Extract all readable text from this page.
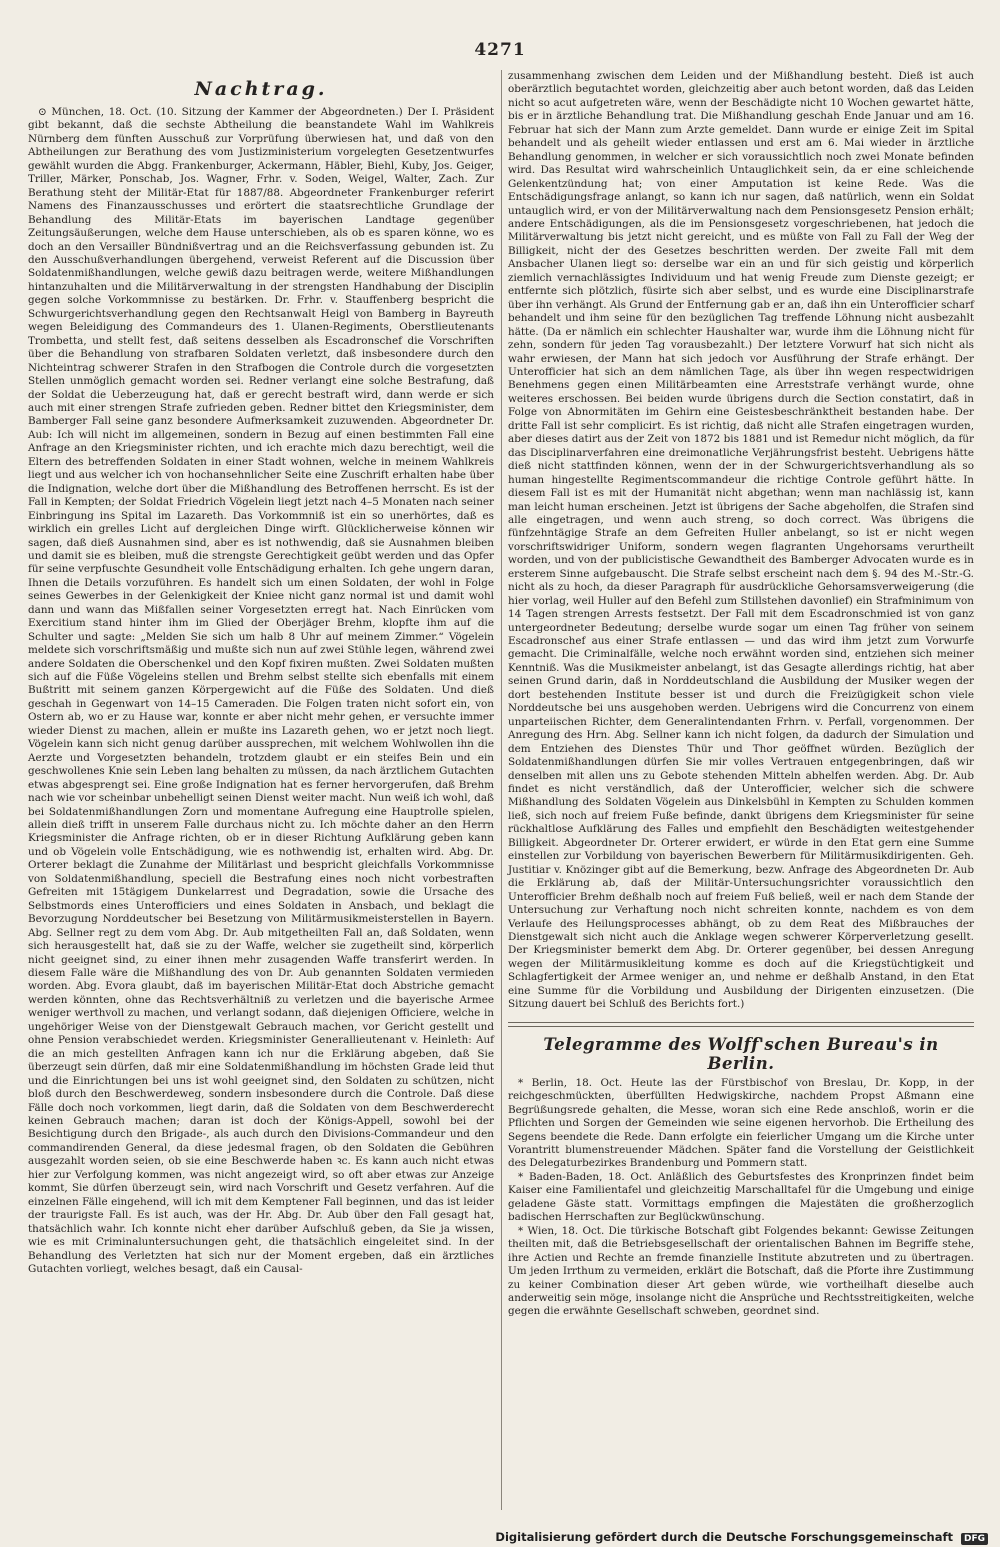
4271
Nachtrag.

⊙ München, 18. Oct. (10. Sitzung der Kammer der Abgeordneten.) Der I. Präsident gibt bekannt, daß die sechste Abtheilung die beanstandete Wahl im Wahlkreis Nürnberg dem fünften Ausschuß zur Vorprüfung überwiesen hat, und daß von den Abtheilungen zur Berathung des vom Justizministerium vorgelegten Gesetzentwurfes gewählt wurden die Abgg. Frankenburger, Ackermann, Häbler, Biehl, Kuby, Jos. Geiger, Triller, Märker, Ponschab, Jos. Wagner, Frhr. v. Soden, Weigel, Walter, Zach. Zur Berathung steht der Militär-Etat für 1887/88. Abgeordneter Frankenburger referirt Namens des Finanzausschusses und erörtert die staatsrechtliche Grundlage der Behandlung des Militär-Etats im bayerischen Landtage gegenüber Zeitungsäußerungen, welche dem Hause unterschieben, als ob es sparen könne, wo es doch an den Versailler Bündnißvertrag und an die Reichsverfassung gebunden ist. Zu den Ausschußverhandlungen übergehend, verweist Referent auf die Discussion über Soldatenmißhandlungen, welche gewiß dazu beitragen werde, weitere Mißhandlungen hintanzuhalten und die Militärverwaltung in der strengsten Handhabung der Disciplin gegen solche Vorkommnisse zu bestärken. Dr. Frhr. v. Stauffenberg bespricht die Schwurgerichtsverhandlung gegen den Rechtsanwalt Heigl von Bamberg in Bayreuth wegen Beleidigung des Commandeurs des 1. Ulanen-Regiments, Oberstlieutenants Trombetta, und stellt fest, daß seitens desselben als Escadronschef die Vorschriften über die Behandlung von strafbaren Soldaten verletzt, daß insbesondere durch den Nichteintrag schwerer Strafen in den Strafbogen die Controle durch die vorgesetzten Stellen unmöglich gemacht worden sei. Redner verlangt eine solche Bestrafung, daß der Soldat die Ueberzeugung hat, daß er gerecht bestraft wird, dann werde er sich auch mit einer strengen Strafe zufrieden geben. Redner bittet den Kriegsminister, dem Bamberger Fall seine ganz besondere Aufmerksamkeit zuzuwenden. Abgeordneter Dr. Aub: Ich will nicht im allgemeinen, sondern in Bezug auf einen bestimmten Fall eine Anfrage an den Kriegsminister richten, und ich erachte mich dazu berechtigt, weil die Eltern des betreffenden Soldaten in einer Stadt wohnen, welche in meinem Wahlkreis liegt und aus welcher ich von hochansehnlicher Seite eine Zuschrift erhalten habe über die Indignation, welche dort über die Mißhandlung des Betroffenen herrscht. Es ist der Fall in Kempten; der Soldat Friedrich Vögelein liegt jetzt nach 4–5 Monaten nach seiner Einbringung ins Spital im Lazareth. Das Vorkommniß ist ein so unerhörtes, daß es wirklich ein grelles Licht auf dergleichen Dinge wirft. Glücklicherweise können wir sagen, daß dieß Ausnahmen sind, aber es ist nothwendig, daß sie Ausnahmen bleiben und damit sie es bleiben, muß die strengste Gerechtigkeit geübt werden und das Opfer für seine verpfuschte Gesundheit volle Entschädigung erhalten. Ich gehe ungern daran, Ihnen die Details vorzuführen. Es handelt sich um einen Soldaten, der wohl in Folge seines Gewerbes in der Gelenkigkeit der Kniee nicht ganz normal ist und damit wohl dann und wann das Mißfallen seiner Vorgesetzten erregt hat. Nach Einrücken vom Exercitium stand hinter ihm im Glied der Oberjäger Brehm, klopfte ihm auf die Schulter und sagte: „Melden Sie sich um halb 8 Uhr auf meinem Zimmer.“ Vögelein meldete sich vorschriftsmäßig und mußte sich nun auf zwei Stühle legen, während zwei andere Soldaten die Oberschenkel und den Kopf fixiren mußten. Zwei Soldaten mußten sich auf die Füße Vögeleins stellen und Brehm selbst stellte sich ebenfalls mit einem Bußtritt mit seinem ganzen Körpergewicht auf die Füße des Soldaten. Und dieß geschah in Gegenwart von 14–15 Cameraden. Die Folgen traten nicht sofort ein, von Ostern ab, wo er zu Hause war, konnte er aber nicht mehr gehen, er versuchte immer wieder Dienst zu machen, allein er mußte ins Lazareth gehen, wo er jetzt noch liegt. Vögelein kann sich nicht genug darüber aussprechen, mit welchem Wohlwollen ihn die Aerzte und Vorgesetzten behandeln, trotzdem glaubt er ein steifes Bein und ein geschwollenes Knie sein Leben lang behalten zu müssen, da nach ärztlichem Gutachten etwas abgesprengt sei. Eine große Indignation hat es ferner hervorgerufen, daß Brehm nach wie vor scheinbar unbehelligt seinen Dienst weiter macht. Nun weiß ich wohl, daß bei Soldatenmißhandlungen Zorn und momentane Aufregung eine Hauptrolle spielen, allein dieß trifft in unserem Falle durchaus nicht zu. Ich möchte daher an den Herrn Kriegsminister die Anfrage richten, ob er in dieser Richtung Aufklärung geben kann und ob Vögelein volle Entschädigung, wie es nothwendig ist, erhalten wird. Abg. Dr. Orterer beklagt die Zunahme der Militärlast und bespricht gleichfalls Vorkommnisse von Soldatenmißhandlung, speciell die Bestrafung eines noch nicht vorbestraften Gefreiten mit 15tägigem Dunkelarrest und Degradation, sowie die Ursache des Selbstmords eines Unterofficiers und eines Soldaten in Ansbach, und beklagt die Bevorzugung Norddeutscher bei Besetzung von Militärmusikmeisterstellen in Bayern. Abg. Sellner regt zu dem vom Abg. Dr. Aub mitgetheilten Fall an, daß Soldaten, wenn sich herausgestellt hat, daß sie zu der Waffe, welcher sie zugetheilt sind, körperlich nicht geeignet sind, zu einer ihnen mehr zusagenden Waffe transferirt werden. In diesem Falle wäre die Mißhandlung des von Dr. Aub genannten Soldaten vermieden worden. Abg. Evora glaubt, daß im bayerischen Militär-Etat doch Abstriche gemacht werden könnten, ohne das Rechtsverhältniß zu verletzen und die bayerische Armee weniger werthvoll zu machen, und verlangt sodann, daß diejenigen Officiere, welche in ungehöriger Weise von der Dienstgewalt Gebrauch machen, vor Gericht gestellt und ohne Pension verabschiedet werden. Kriegsminister Generallieutenant v. Heinleth: Auf die an mich gestellten Anfragen kann ich nur die Erklärung abgeben, daß Sie überzeugt sein dürfen, daß mir eine Soldatenmißhandlung im höchsten Grade leid thut und die Einrichtungen bei uns ist wohl geeignet sind, den Soldaten zu schützen, nicht bloß durch den Beschwerdeweg, sondern insbesondere durch die Controle. Daß diese Fälle doch noch vorkommen, liegt darin, daß die Soldaten von dem Beschwerderecht keinen Gebrauch machen; daran ist doch der Königs-Appell, sowohl bei der Besichtigung durch den Brigade-, als auch durch den Divisions-Commandeur und den commandirenden General, da diese jedesmal fragen, ob den Soldaten die Gebühren ausgezahlt worden seien, ob sie eine Beschwerde haben ꝛc. Es kann auch nicht etwas hier zur Verfolgung kommen, was nicht angezeigt wird, so oft aber etwas zur Anzeige kommt, Sie dürfen überzeugt sein, wird nach Vorschrift und Gesetz verfahren. Auf die einzelnen Fälle eingehend, will ich mit dem Kemptener Fall beginnen, und das ist leider der traurigste Fall. Es ist auch, was der Hr. Abg. Dr. Aub über den Fall gesagt hat, thatsächlich wahr. Ich konnte nicht eher darüber Aufschluß geben, da Sie ja wissen, wie es mit Criminaluntersuchungen geht, die thatsächlich eingeleitet sind. In der Behandlung des Verletzten hat sich nur der Moment ergeben, daß ein ärztliches Gutachten vorliegt, welches besagt, daß ein Causal-

zusammenhang zwischen dem Leiden und der Mißhandlung besteht. Dieß ist auch oberärztlich begutachtet worden, gleichzeitig aber auch betont worden, daß das Leiden nicht so acut aufgetreten wäre, wenn der Beschädigte nicht 10 Wochen gewartet hätte, bis er in ärztliche Behandlung trat. Die Mißhandlung geschah Ende Januar und am 16. Februar hat sich der Mann zum Arzte gemeldet. Dann wurde er einige Zeit im Spital behandelt und als geheilt wieder entlassen und erst am 6. Mai wieder in ärztliche Behandlung genommen, in welcher er sich voraussichtlich noch zwei Monate befinden wird. Das Resultat wird wahrscheinlich Untauglichkeit sein, da er eine schleichende Gelenkentzündung hat; von einer Amputation ist keine Rede. Was die Entschädigungsfrage anlangt, so kann ich nur sagen, daß natürlich, wenn ein Soldat untauglich wird, er von der Militärverwaltung nach dem Pensionsgesetz Pension erhält; andere Entschädigungen, als die im Pensionsgesetz vorgeschriebenen, hat jedoch die Militärverwaltung bis jetzt nicht gereicht, und es müßte von Fall zu Fall der Weg der Billigkeit, nicht der des Gesetzes beschritten werden. Der zweite Fall mit dem Ansbacher Ulanen liegt so: derselbe war ein an und für sich geistig und körperlich ziemlich vernachlässigtes Individuum und hat wenig Freude zum Dienste gezeigt; er entfernte sich plötzlich, füsirte sich aber selbst, und es wurde eine Disciplinarstrafe über ihn verhängt. Als Grund der Entfernung gab er an, daß ihn ein Unterofficier scharf behandelt und ihm seine für den bezüglichen Tag treffende Löhnung nicht ausbezahlt hätte. (Da er nämlich ein schlechter Haushalter war, wurde ihm die Löhnung nicht für zehn, sondern für jeden Tag vorausbezahlt.) Der letztere Vorwurf hat sich nicht als wahr erwiesen, der Mann hat sich jedoch vor Ausführung der Strafe erhängt. Der Unterofficier hat sich an dem nämlichen Tage, als über ihn wegen respectwidrigen Benehmens gegen einen Militärbeamten eine Arreststrafe verhängt wurde, ohne weiteres erschossen. Bei beiden wurde übrigens durch die Section constatirt, daß in Folge von Abnormitäten im Gehirn eine Geistesbeschränktheit bestanden habe. Der dritte Fall ist sehr complicirt. Es ist richtig, daß nicht alle Strafen eingetragen wurden, aber dieses datirt aus der Zeit von 1872 bis 1881 und ist Remedur nicht möglich, da für das Disciplinarverfahren eine dreimonatliche Verjährungsfrist besteht. Uebrigens hätte dieß nicht stattfinden können, wenn der in der Schwurgerichtsverhandlung als so human hingestellte Regimentscommandeur die richtige Controle geführt hätte. In diesem Fall ist es mit der Humanität nicht abgethan; wenn man nachlässig ist, kann man leicht human erscheinen. Jetzt ist übrigens der Sache abgeholfen, die Strafen sind alle eingetragen, und wenn auch streng, so doch correct. Was übrigens die fünfzehntägige Strafe an dem Gefreiten Huller anbelangt, so ist er nicht wegen vorschriftswidriger Uniform, sondern wegen flagranten Ungehorsams verurtheilt worden, und von der publicistische Gewandtheit des Bamberger Advocaten wurde es in ersterem Sinne aufgebauscht. Die Strafe selbst erscheint nach dem §. 94 des M.-Str.-G. nicht als zu hoch, da dieser Paragraph für ausdrückliche Gehorsamsverweigerung (die hier vorlag, weil Huller auf den Befehl zum Stillstehen davonlief) ein Strafminimum von 14 Tagen strengen Arrests festsetzt. Der Fall mit dem Escadronschmied ist von ganz untergeordneter Bedeutung; derselbe wurde sogar um einen Tag früher von seinem Escadronschef aus einer Strafe entlassen — und das wird ihm jetzt zum Vorwurfe gemacht. Die Criminalfälle, welche noch erwähnt worden sind, entziehen sich meiner Kenntniß. Was die Musikmeister anbelangt, ist das Gesagte allerdings richtig, hat aber seinen Grund darin, daß in Norddeutschland die Ausbildung der Musiker wegen der dort bestehenden Institute besser ist und durch die Freizügigkeit schon viele Norddeutsche bei uns ausgehoben werden. Uebrigens wird die Concurrenz von einem unparteiischen Richter, dem Generalintendanten Frhrn. v. Perfall, vorgenommen. Der Anregung des Hrn. Abg. Sellner kann ich nicht folgen, da dadurch der Simulation und dem Entziehen des Dienstes Thür und Thor geöffnet würden. Bezüglich der Soldatenmißhandlungen dürfen Sie mir volles Vertrauen entgegenbringen, daß wir denselben mit allen uns zu Gebote stehenden Mitteln abhelfen werden. Abg. Dr. Aub findet es nicht verständlich, daß der Unterofficier, welcher sich die schwere Mißhandlung des Soldaten Vögelein aus Dinkelsbühl in Kempten zu Schulden kommen ließ, sich noch auf freiem Fuße befinde, dankt übrigens dem Kriegsminister für seine rückhaltlose Aufklärung des Falles und empfiehlt den Beschädigten weitestgehender Billigkeit. Abgeordneter Dr. Orterer erwidert, er würde in den Etat gern eine Summe einstellen zur Vorbildung von bayerischen Bewerbern für Militärmusikdirigenten. Geh. Justitiar v. Knözinger gibt auf die Bemerkung, bezw. Anfrage des Abgeordneten Dr. Aub die Erklärung ab, daß der Militär-Untersuchungsrichter voraussichtlich den Unterofficier Brehm deßhalb noch auf freiem Fuß beließ, weil er nach dem Stande der Untersuchung zur Verhaftung noch nicht schreiten konnte, nachdem es von dem Verlaufe des Heilungsprocesses abhängt, ob zu dem Reat des Mißbrauches der Dienstgewalt sich nicht auch die Anklage wegen schwerer Körperverletzung gesellt. Der Kriegsminister bemerkt dem Abg. Dr. Orterer gegenüber, bei dessen Anregung wegen der Militärmusikleitung komme es doch auf die Kriegstüchtigkeit und Schlagfertigkeit der Armee weniger an, und nehme er deßhalb Anstand, in den Etat eine Summe für die Vorbildung und Ausbildung der Dirigenten einzusetzen. (Die Sitzung dauert bei Schluß des Berichts fort.)

Telegramme des Wolff'schen Bureau's in Berlin.

* Berlin, 18. Oct. Heute las der Fürstbischof von Breslau, Dr. Kopp, in der reichgeschmückten, überfüllten Hedwigskirche, nachdem Propst Aßmann eine Begrüßungsrede gehalten, die Messe, woran sich eine Rede anschloß, worin er die Pflichten und Sorgen der Gemeinden wie seine eigenen hervorhob. Die Ertheilung des Segens beendete die Rede. Dann erfolgte ein feierlicher Umgang um die Kirche unter Vorantritt blumenstreuender Mädchen. Später fand die Vorstellung der Geistlichkeit des Delegaturbezirkes Brandenburg und Pommern statt.

* Baden-Baden, 18. Oct. Anläßlich des Geburtsfestes des Kronprinzen findet beim Kaiser eine Familientafel und gleichzeitig Marschalltafel für die Umgebung und einige geladene Gäste statt. Vormittags empfingen die Majestäten die großherzoglich badischen Herrschaften zur Beglückwünschung.

* Wien, 18. Oct. Die türkische Botschaft gibt Folgendes bekannt: Gewisse Zeitungen theilten mit, daß die Betriebsgesellschaft der orientalischen Bahnen im Begriffe stehe, ihre Actien und Rechte an fremde finanzielle Institute abzutreten und zu übertragen. Um jeden Irrthum zu vermeiden, erklärt die Botschaft, daß die Pforte ihre Zustimmung zu keiner Combination dieser Art geben würde, wie vortheilhaft dieselbe auch anderweitig sein möge, insolange nicht die Ansprüche und Rechtsstreitigkeiten, welche gegen die erwähnte Gesellschaft schweben, geordnet sind.

Digitalisierung gefördert durch die Deutsche Forschungsgemeinschaft DFG
